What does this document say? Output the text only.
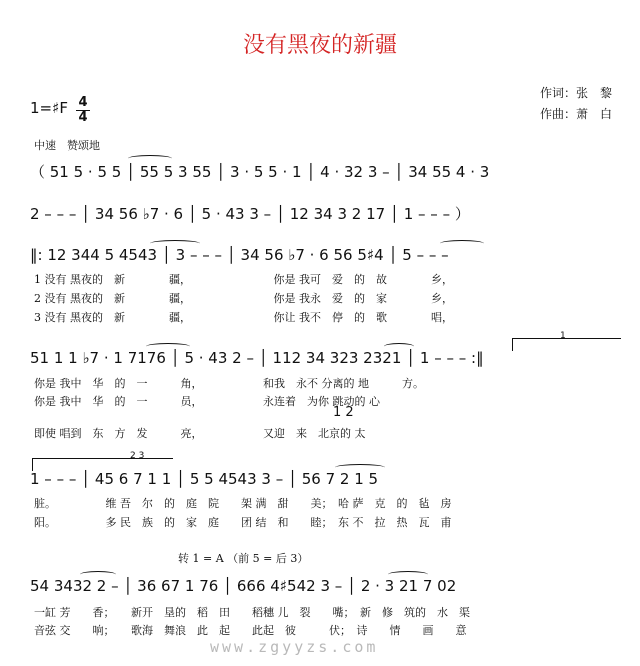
没有黑夜的新疆
作词：张　黎
作曲：萧　白
1=♯F 4
4
中速　赞颂地
（ 51 5 · 5 5 │ 55 5 3 55 │ 3 · 5 5 · 1 │ 4 · 32 3 – │ 34 55 4 · 3
2 – – – │ 34 56 ♭7 · 6 │ 5 · 43 3 – │ 12 34 3 2 17 │ 1 – – – ）
‖: 12 344 5 4543 │ 3 – – – │ 34 56 ♭7 · 6 56 5♯4 │ 5 – – –
1 没有 黑夜的　新　　　　疆，　　　　　　　　你是 我可　爱　的　故　　　　乡，
2 没有 黑夜的　新　　　　疆，　　　　　　　　你是 我永　爱　的　家　　　　乡，
3 没有 黑夜的　新　　　　疆，　　　　　　　　你让 我不　停　的　歌　　　　唱，
1
51 1 1 ♭7 · 1 7176 │ 5 · 43 2 – │ 112 34 323 2321 │ 1 – – – :‖
你是 我中　华　的　一　　　角，　　　　　　和我　永不 分离的 地　　　方。
你是 我中　华　的　一　　　员，　　　　　　永连着　为你 跳动的 心
1 2
即使 唱到　东　方　发　　　亮，　　　　　　又迎　来　北京的 太
2 3
1 – – – │ 45 6 7 1 1 │ 5 5 4543 3 – │ 56 7 2 1 5
脏。　　　　　维 吾　尔　的　庭　院　　架 满　甜　　美；　哈 萨　克　的　毡　房
阳。　　　　　多 民　族　的　家　庭　　团 结　和　　睦；　东 不　拉　热　瓦　甫
转 1 = A （前 5 = 后 3）
54 3432 2 – │ 36 67 1 76 │ 666 4♯542 3 – │ 2 · 3 21 7 02
一缸 芳　　香；　　新开　垦的　稻　田　　稻穗 儿　裂　　嘴；　新　修　筑的　水　渠
音弦 交　　响；　　歌海　舞浪　此　起　　此起　彼　　　伏；　诗　　情　　画　　意
www.zgyyzs.com
